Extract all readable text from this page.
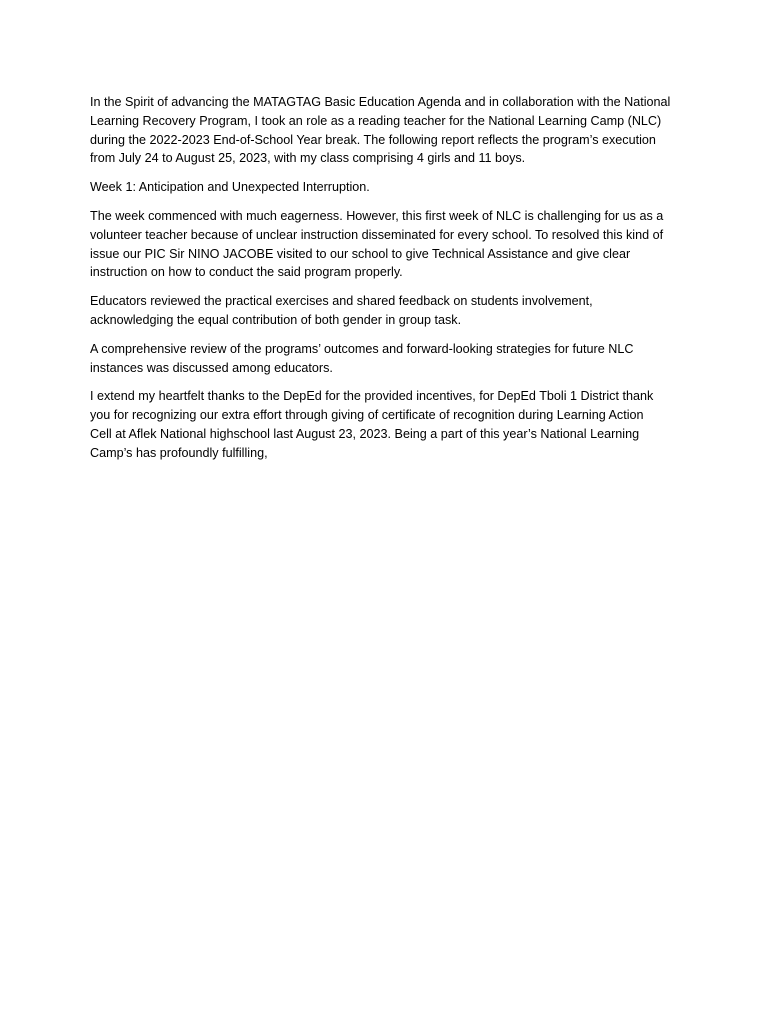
In the Spirit of advancing the MATAGTAG Basic Education Agenda and in collaboration with the National
Learning Recovery Program, I took an role as a reading teacher for the National Learning Camp (NLC)
during the 2022-2023 End-of-School Year break. The following report reflects the program’s execution
from July 24 to August 25, 2023, with my class comprising 4 girls and 11 boys.

Week 1: Anticipation and Unexpected Interruption.

The week commenced with much eagerness. However, this first week of NLC is challenging for us as a
volunteer teacher because of unclear instruction disseminated for every school. To resolved this kind of
issue our PIC Sir NINO JACOBE visited to our school to give Technical Assistance and give clear
instruction on how to conduct the said program properly.

Educators reviewed the practical exercises and shared feedback on students involvement,
acknowledging the equal contribution of both gender in group task.

A comprehensive review of the programs’ outcomes and forward-looking strategies for future NLC
instances was discussed among educators.

I extend my heartfelt thanks to the DepEd for the provided incentives, for DepEd Tboli 1 District thank
you for recognizing our extra effort through giving of certificate of recognition during Learning Action
Cell at Aflek National highschool last August 23, 2023. Being a part of this year’s National Learning
Camp’s has profoundly fulfilling,
